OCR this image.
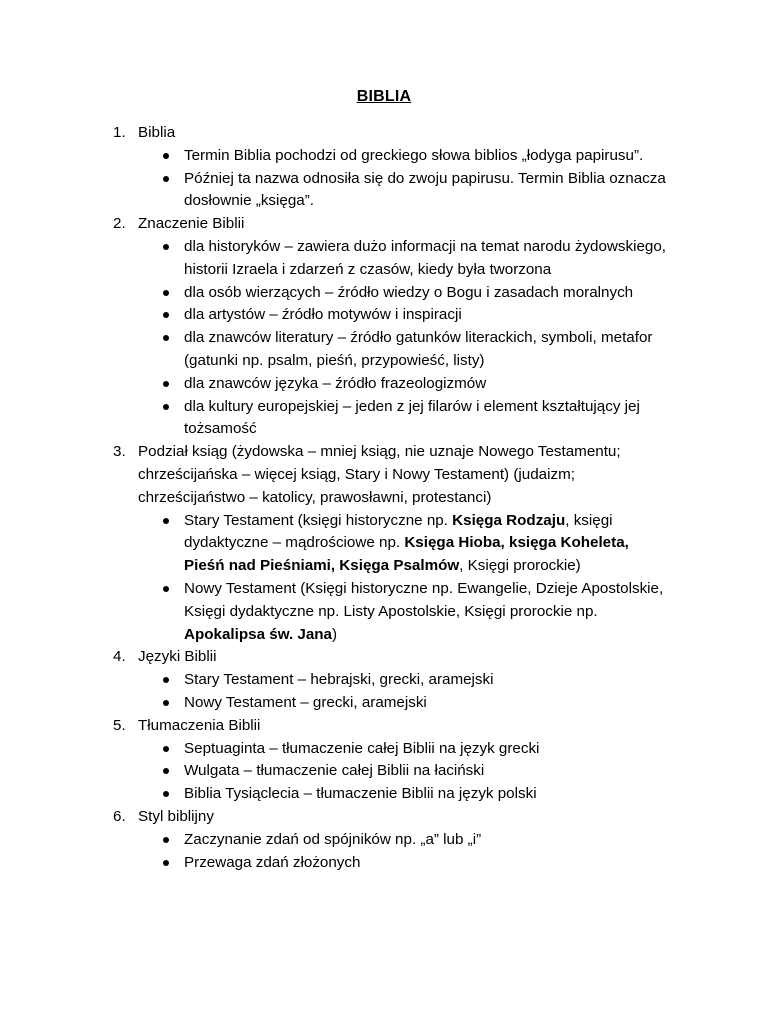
BIBLIA
1. Biblia
Termin Biblia pochodzi od greckiego słowa biblios „łodyga papirusu”.
Później ta nazwa odnosiła się do zwoju papirusu. Termin Biblia oznacza dosłownie „księga”.
2. Znaczenie Biblii
dla historyków – zawiera dużo informacji na temat narodu żydowskiego, historii Izraela i zdarzeń z czasów, kiedy była tworzona
dla osób wierzących – źródło wiedzy o Bogu i zasadach moralnych
dla artystów – źródło motywów i inspiracji
dla znawców literatury – źródło gatunków literackich, symboli, metafor (gatunki np. psalm, pieśń, przypowieść, listy)
dla znawców języka – źródło frazeologizmów
dla kultury europejskiej – jeden z jej filarów i element kształtujący jej tożsamość
3. Podział ksiąg (żydowska – mniej ksiąg, nie uznaje Nowego Testamentu; chrześcijańska – więcej ksiąg, Stary i Nowy Testament) (judaizm; chrześcijaństwo – katolicy, prawosławni, protestanci)
Stary Testament (księgi historyczne np. Księga Rodzaju, księgi dydaktyczne – mądrościowe np. Księga Hioba, księga Koheleta, Pieśń nad Pieśniami, Księga Psalmów, Księgi prorockie)
Nowy Testament (Księgi historyczne np. Ewangelie, Dzieje Apostolskie, Księgi dydaktyczne np. Listy Apostolskie, Księgi prorockie np. Apokalipsa św. Jana)
4. Języki Biblii
Stary Testament – hebrajski, grecki, aramejski
Nowy Testament – grecki, aramejski
5. Tłumaczenia Biblii
Septuaginta – tłumaczenie całej Biblii na język grecki
Wulgata – tłumaczenie całej Biblii na łaciński
Biblia Tysiąclecia – tłumaczenie Biblii na język polski
6. Styl biblijny
Zaczynanie zdań od spójników np. „a” lub „i”
Przewaga zdań złożonych
